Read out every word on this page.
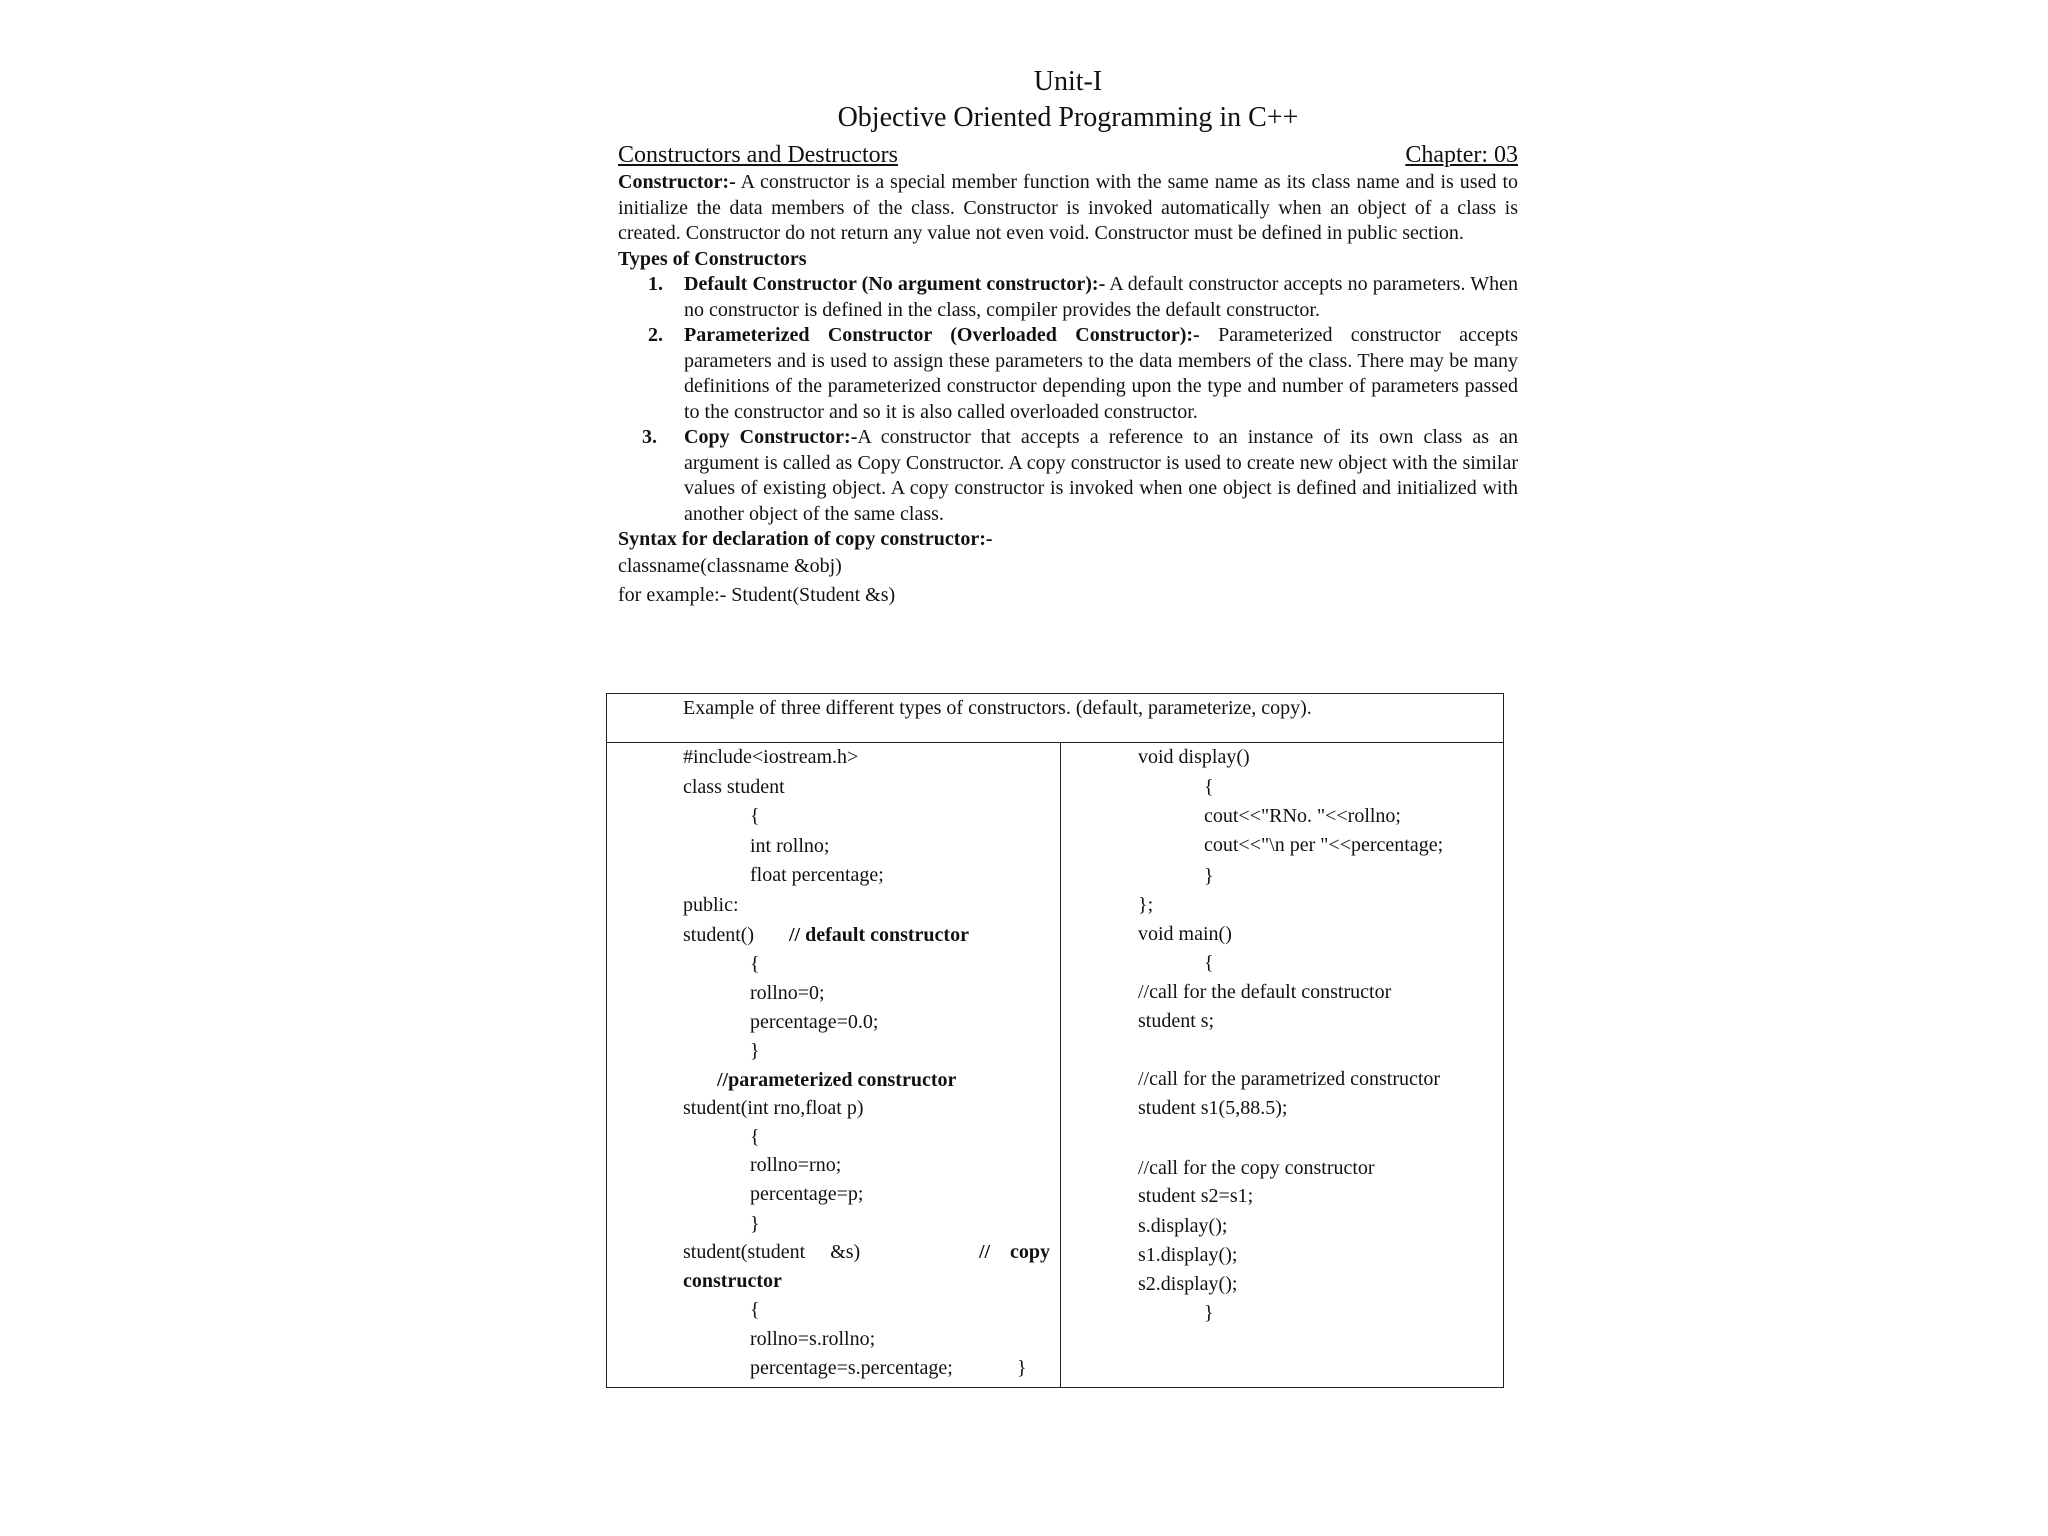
Unit-I
Objective Oriented Programming in C++
Constructors and Destructors	Chapter: 03

Constructor:- A constructor is a special member function with the same name as its class name and is used to initialize the data members of the class. Constructor is invoked automatically when an object of a class is created. Constructor do not return any value not even void. Constructor must be defined in public section.

Types of Constructors

1. Default Constructor (No argument constructor):- A default constructor accepts no parameters. When no constructor is defined in the class, compiler provides the default constructor.
2. Parameterized Constructor (Overloaded Constructor):- Parameterized constructor accepts parameters and is used to assign these parameters to the data members of the class. There may be many definitions of the parameterized constructor depending upon the type and number of parameters passed to the constructor and so it is also called overloaded constructor.
3. Copy Constructor:-A constructor that accepts a reference to an instance of its own class as an argument is called as Copy Constructor. A copy constructor is used to create new object with the similar values of existing object. A copy constructor is invoked when one object is defined and initialized with another object of the same class.

Syntax for declaration of copy constructor:-

classname(classname &obj)

for example:- Student(Student &s)

Example of three different types of constructors. (default, parameterize, copy).
#include<iostream.h>
class student
{
int rollno;
float percentage;
public:
student() // default constructor
{
rollno=0;
percentage=0.0;
}
//parameterized constructor
student(int rno,float p)
{
rollno=rno;
percentage=p;
}
student(student     &s)	// copy
constructor
{
rollno=s.rollno;
percentage=s.percentage;	}
void display()
{
cout<<"RNo. "<<rollno;
cout<<"\n per "<<percentage;
}
};
void main()
{
//call for the default constructor
student s;
//call for the parametrized constructor
student s1(5,88.5);
//call for the copy constructor
student s2=s1;
s.display();
s1.display();
s2.display();
}
